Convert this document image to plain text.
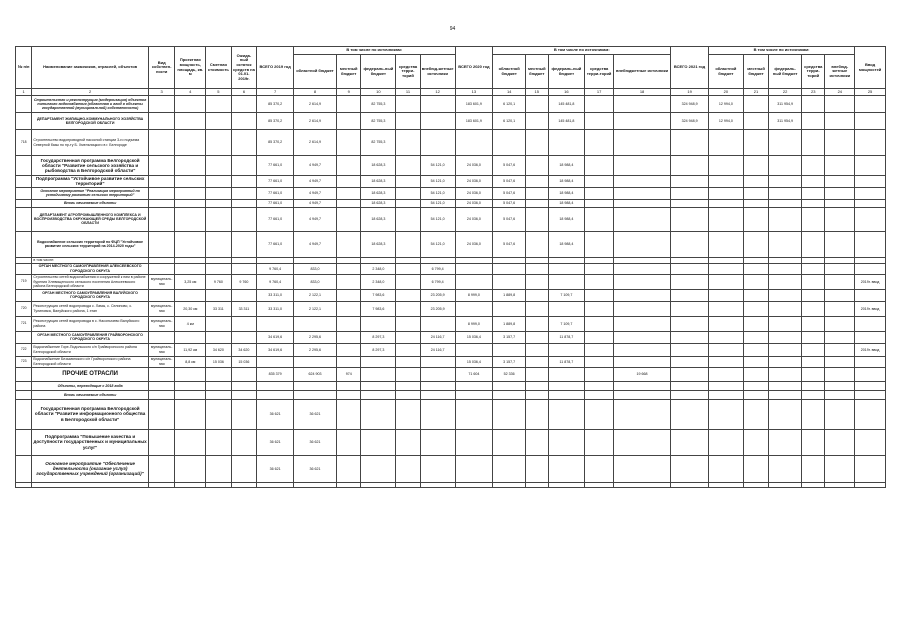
94
№ п/п	Наименование заказчиков, отраслей, объектов	Вид собствен-ности	Проектная мощность, площадь, кв. м	Сметная стоимость	Ожида-ный остаток средств на 01.01. 2019г.	ВСЕГО 2019 год	В том числе по источникам:					ВСЕГО 2020 год	В том числе по источникам:					ВСЕГО 2021 год	В том числе по источникам:					Ввод мощностей
							областной бюджет	местный бюджет	федераль-ный бюджет	средства терри-торий	внебюд-жетные источники		областной бюджет	местный бюджет	федераль-ный бюджет	средства терри-торий	внебюджетные источники		областной бюджет	местный бюджет	федераль-ный бюджет	средства терри-торий	внебюд-жетные источники	
1	2	3	4	5	6	7	8	9	10	11	12	13	14	15	16	17	18	19	20	21	22	23	24	25
	Строительство и реконструкция (модернизация) объектов питьевого водоснабжения (областная и ввод в объекты государственной (муниципальной) собственности)					85 370,2	2 614,9		82 755,3			183 601,9	6 120,1		145 481,8			324 948,9	12 994,0		311 954,9			
	ДЕПАРТАМЕНТ ЖИЛИЩНО-КОММУНАЛЬНОГО ХОЗЯЙСТВА БЕЛГОРОДСКОЙ ОБЛАСТИ					85 370,2	2 614,9		82 755,3			183 601,9	6 120,1		145 481,8			324 948,9	12 994,0		311 954,9			
718	Строительство водопроводной насосной станции 3-го подъема Северной базы по пр-ту Б. Хмельницкого в г. Белгороде					85 370,2	2 614,9		82 755,3															
	Государственная программа Белгородской области "Развитие сельского хозяйства и рыбоводства в Белгородской области"					77 661,0	4 949,7		18 628,3		54 121,0	24 036,0	5 047,6		18 988,4									
	Подпрограмма "Устойчивое развитие сельских территорий"					77 661,0	4 949,7		18 628,3		54 121,0	24 036,0	5 047,6		18 988,4									
	Основное мероприятие "Реализация мероприятий по устойчивому развитию сельских территорий"					77 661,0	4 949,7		18 628,3		54 121,0	24 036,0	5 047,6		18 988,4									
	Вновь начинаемые объекты					77 661,0	4 949,7		18 628,3		54 121,0	24 036,0	5 047,6		18 988,4									
	ДЕПАРТАМЕНТ АГРОПРОМЫШЛЕННОГО КОМПЛЕКСА И ВОСПРОИЗВОДСТВА ОКРУЖАЮЩЕЙ СРЕДЫ БЕЛГОРОДСКОЙ ОБЛАСТИ					77 661,0	4 949,7		18 628,3		54 121,0	24 036,0	5 047,6		18 988,4									
	Водоснабжение сельских территорий по ФЦП "Устойчивое развитие сельских территорий на 2014-2020 годы"					77 661,0	4 949,7		18 628,3		54 121,0	24 036,0	5 047,6		18 988,4									
	в том числе:																							
	ОРГАН МЕСТНОГО САМОУПРАВЛЕНИЯ АЛЕКСЕЕВСКОГО ГОРОДСКОГО ОКРУГА					9 760,4	833,0		2 348,0		6 799,4													
719	Строительство сетей водоснабжения и сооружений к ним в районе бурения Хлевищенского сельского поселения Алексеевского района Белгородской области	муниципаль-ная	3,25 км	9 760	9 760	9 760,4	833,0		2 348,0		6 799,4													2019г. ввод
	ОРГАН МЕСТНОГО САМОУПРАВЛЕНИЯ ВАЛУЙСКОГО ГОРОДСКОГО ОКРУГА					33 311,0	2 122,1		7 983,6		23 205,9	8 999,0	1 889,8		7 109,7									
720	Реконструкция сетей водопровода с. Ламы, с. Селиново, с. Тулиновка, Валуйского района, 1 этап	муниципаль-ная	20,30 км	33 311	33 311	33 311,0	2 122,1		7 983,6		23 205,9													2019г. ввод
721	Реконструкция сетей водопровода в с. Насонычево Валуйского района	муниципаль-ная	4 км									8 999,0	1 889,8		7 109,7									
	ОРГАН МЕСТНОГО САМОУПРАВЛЕНИЯ ГРАЙВОРОНСКОГО ГОРОДСКОГО ОКРУГА					34 619,6	2 295,6		8 297,3		24 116,7	15 036,4	3 157,7		11 878,7									
722	Водоснабжение Горе-Подольского с/п Грайворонского района Белгородской области	муниципаль-ная	11,92 км	34 620	34 620	34 619,6	2 295,6		8 297,3		24 116,7													2019г. ввод
723	Водоснабжение Безымянского с/п Грайворонского района Белгородской области	муниципаль-ная	8,8 км	15 036	15 036							15 036,4	3 157,7		11 878,7									
	ПРОЧИЕ ОТРАСЛИ					835 379	624 903	974				71 604	52 336				19 668							
	Объекты, переходящие с 2018 года																							
	Вновь начинаемые объекты																							
	Государственная программа Белгородской области "Развитие информационного общества в Белгородской области"					36 621	36 621																	
	Подпрограмма "Повышение качества и доступности государственных и муниципальных услуг"					36 621	36 621																	
	Основное мероприятие "Обеспечение деятельности (оказание услуг) государственных учреждений (организаций)"					36 621	36 621																	
